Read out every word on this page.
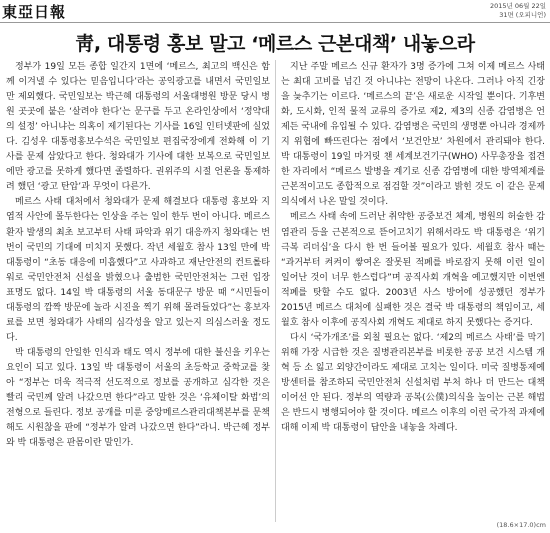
東亞日報	2015년 06월 22일
31면 (오피니언)
靑, 대통령 홍보 말고 ‘메르스 근본대책’ 내놓으라

정부가 19일 모든 종합 일간지 1면에 ‘메르스, 최고의 백신은 함께 이겨낼 수 있다는 믿음입니다’라는 공익광고를 내면서 국민일보만 제외했다. 국민일보는 박근혜 대통령의 서울대병원 방문 당시 병원 곳곳에 붙은 ‘살려야 한다’는 문구를 두고 온라인상에서 ‘정약대의 설정’ 아니냐는 의혹이 제기된다는 기사를 16일 인터넷판에 실었다. 김성우 대통령홍보수석은 국민일보 편집국장에게 전화해 이 기사를 문제 삼았다고 한다. 청와대가 기사에 대한 보복으로 국민일보에만 광고를 못하게 했다면 졸렬하다. 권위주의 시절 언론을 통제하려 했던 ‘광고 탄압’과 무엇이 다른가.

메르스 사태 대처에서 청와대가 문제 해결보다 대통령 홍보와 지엽적 사안에 몰두한다는 인상을 주는 일이 한두 번이 아니다. 메르스 환자 발생의 최초 보고부터 사태 파악과 위기 대응까지 청와대는 번번이 국민의 기대에 미치지 못했다. 작년 세월호 참사 13일 만에 박 대통령이 “초동 대응에 미흡했다”고 사과하고 재난안전의 컨트롤타워로 국민안전처 신설을 밝혔으나 출범한 국민안전처는 그런 입장 표명도 없다. 14일 박 대통령의 서울 동대문구 방문 때 “시민들이 대통령의 깜짝 방문에 놀라 시진을 찍기 위해 몰려들었다”는 홍보자료를 보면 청와대가 사태의 심각성을 알고 있는지 의심스러울 정도다.

박 대통령의 안일한 인식과 태도 역시 정부에 대한 불신을 키우는 요인이 되고 있다. 13일 박 대통령이 서울의 초등학교 중학교를 찾아 “정부는 더욱 적극적 선도적으로 정보를 공개하고 심각한 것은 빨리 국민께 알려 나갔으면 한다”라고 말한 것은 ‘유체이탈 화법’의 전형으로 들린다. 정보 공개를 미룬 중앙메르스관리대책본부를 문책해도 시원찮을 판에 “정부가 알려 나갔으면 한다”라니. 박근혜 정부와 박 대통령은 판몸이란 말인가.

지난 주말 메르스 신규 환자가 3명 증가에 그쳐 이제 메르스 사태는 최대 고비를 넘긴 것 아니냐는 전망이 나온다. 그러나 아직 긴장을 늦추기는 이르다. ‘메르스의 끝’은 새로운 시작일 뿐이다. 기후변화, 도시화, 인적 물적 교류의 증가로 제2, 제3의 신종 감염병은 언제든 국내에 유입될 수 있다. 감염병은 국민의 생명뿐 아니라 경제까지 위협에 빠뜨린다는 점에서 ‘보건안보’ 차원에서 관리돼야 한다. 박 대통령이 19일 마거릿 챈 세계보건기구(WHO) 사무총장을 접견한 자리에서 “메르스 발병을 계기로 신종 감염병에 대한 방역체계를 근본적이고도 종합적으로 점검할 것”이라고 밝힌 것도 이 같은 문제의식에서 나온 말일 것이다.

메르스 사태 속에 드러난 취약한 공중보건 체계, 병원의 허술한 감염관리 등을 근본적으로 뜯어고치기 위해서라도 박 대통령은 ‘위기극복 리더십’을 다시 한 번 들어볼 필요가 있다. 세월호 참사 때는 “과거부터 켜켜이 쌓여온 잘못된 적폐를 바로잡지 못해 이런 일이 일어난 것이 너무 한스럽다”며 공직사회 개혁을 예고했지만 이번엔 적폐를 탓할 수도 없다. 2003년 사스 방어에 성공했던 정부가 2015년 메르스 대처에 실패한 것은 결국 박 대통령의 책임이고, 세월호 참사 이후에 공직사회 개혁도 제대로 하지 못했다는 증거다.

다시 ‘국가개조’를 외칠 필요는 없다. ‘제2의 메르스 사태’를 막기 위해 가장 시급한 것은 질병관리본부를 비롯한 공공 보건 시스템 개혁 등 소 잃고 외양간이라도 제대로 고치는 일이다. 미국 질병통제예방센터를 참조하되 국민안전처 신설처럼 부처 하나 더 만드는 대책이어선 안 된다. 정부의 역량과 공복(公僕)의식을 높이는 근본 해법은 반드시 병행되어야 할 것이다. 메르스 이후의 이런 국가적 과제에 대해 이제 박 대통령이 답안을 내놓을 차례다.

(18.6×17.0)cm
